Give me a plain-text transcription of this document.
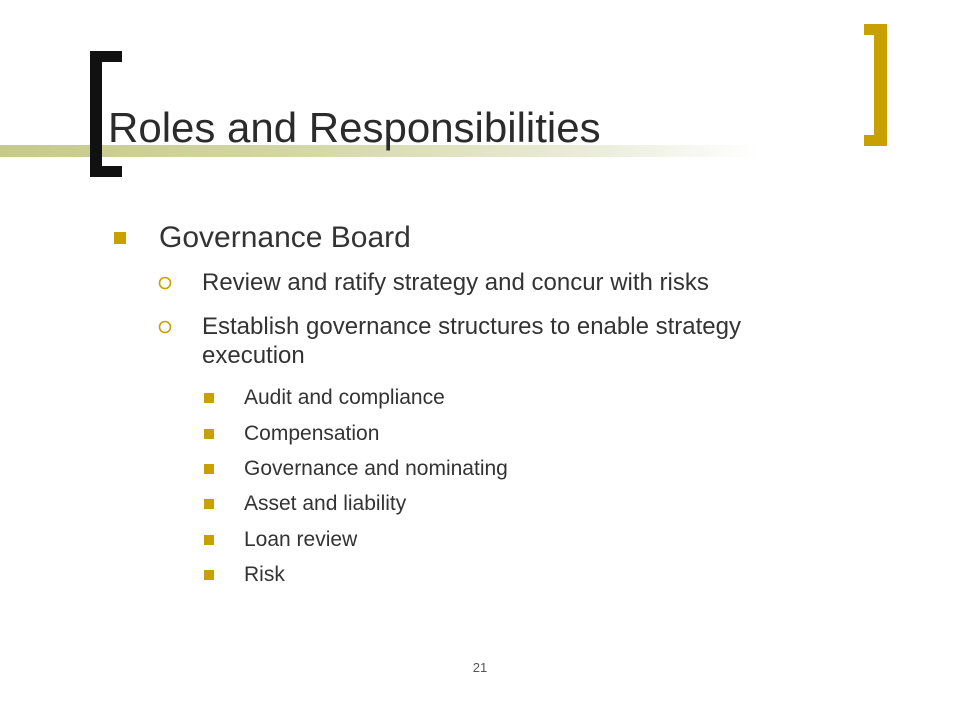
Roles and Responsibilities
Governance Board
Review and ratify strategy and concur with risks
Establish governance structures to enable strategy execution
Audit and compliance
Compensation
Governance and nominating
Asset and liability
Loan review
Risk
21
